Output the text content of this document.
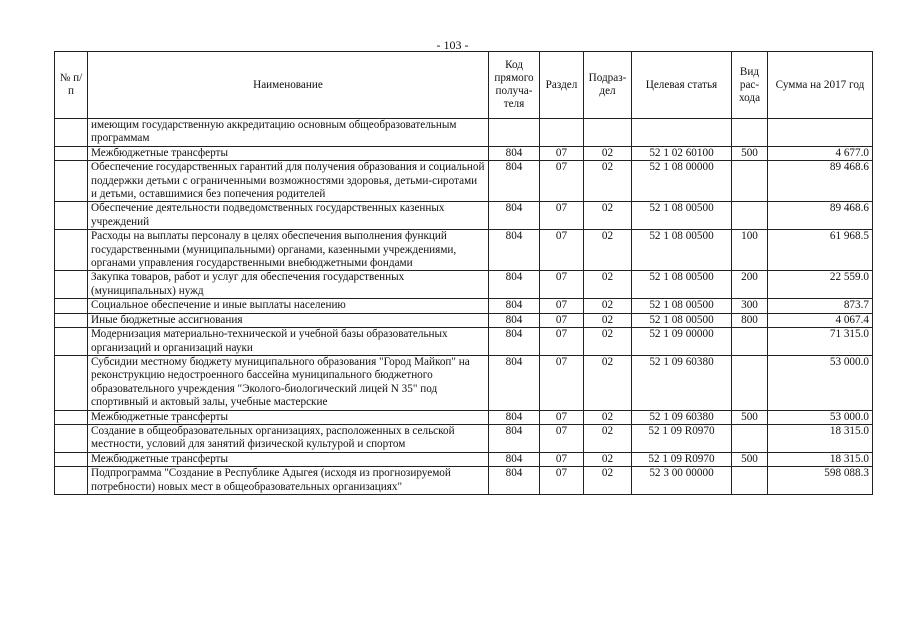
- 103 -
№ п/п	Наименование	Код прямого получа-теля	Раздел	Подраз-дел	Целевая статья	Вид рас-хода	Сумма на 2017 год
	имеющим государственную аккредитацию основным общеобразовательным программам						
	Межбюджетные трансферты	804	07	02	52 1 02 60100	500	4 677.0
	Обеспечение государственных гарантий для получения образования и социальной поддержки детьми с ограниченными возможностями здоровья, детьми-сиротами и детьми, оставшимися без попечения родителей	804	07	02	52 1 08 00000		89 468.6
	Обеспечение деятельности подведомственных государственных казенных учреждений	804	07	02	52 1 08 00500		89 468.6
	Расходы на выплаты персоналу в целях обеспечения выполнения функций государственными (муниципальными) органами, казенными учреждениями, органами управления государственными внебюджетными фондами	804	07	02	52 1 08 00500	100	61 968.5
	Закупка товаров, работ и услуг для обеспечения государственных (муниципальных) нужд	804	07	02	52 1 08 00500	200	22 559.0
	Социальное обеспечение и иные выплаты населению	804	07	02	52 1 08 00500	300	873.7
	Иные бюджетные ассигнования	804	07	02	52 1 08 00500	800	4 067.4
	Модернизация материально-технической и учебной базы образовательных организаций и организаций науки	804	07	02	52 1 09 00000		71 315.0
	Субсидии местному бюджету муниципального образования "Город Майкоп" на реконструкцию недостроенного бассейна муниципального бюджетного образовательного учреждения "Эколого-биологический лицей N 35" под спортивный и актовый залы, учебные мастерские	804	07	02	52 1 09 60380		53 000.0
	Межбюджетные трансферты	804	07	02	52 1 09 60380	500	53 000.0
	Создание в общеобразовательных организациях, расположенных в сельской местности, условий для занятий физической культурой и спортом	804	07	02	52 1 09 R0970		18 315.0
	Межбюджетные трансферты	804	07	02	52 1 09 R0970	500	18 315.0
	Подпрограмма "Создание в Республике Адыгея (исходя из прогнозируемой потребности) новых мест в общеобразовательных организациях"	804	07	02	52 3 00 00000		598 088.3
